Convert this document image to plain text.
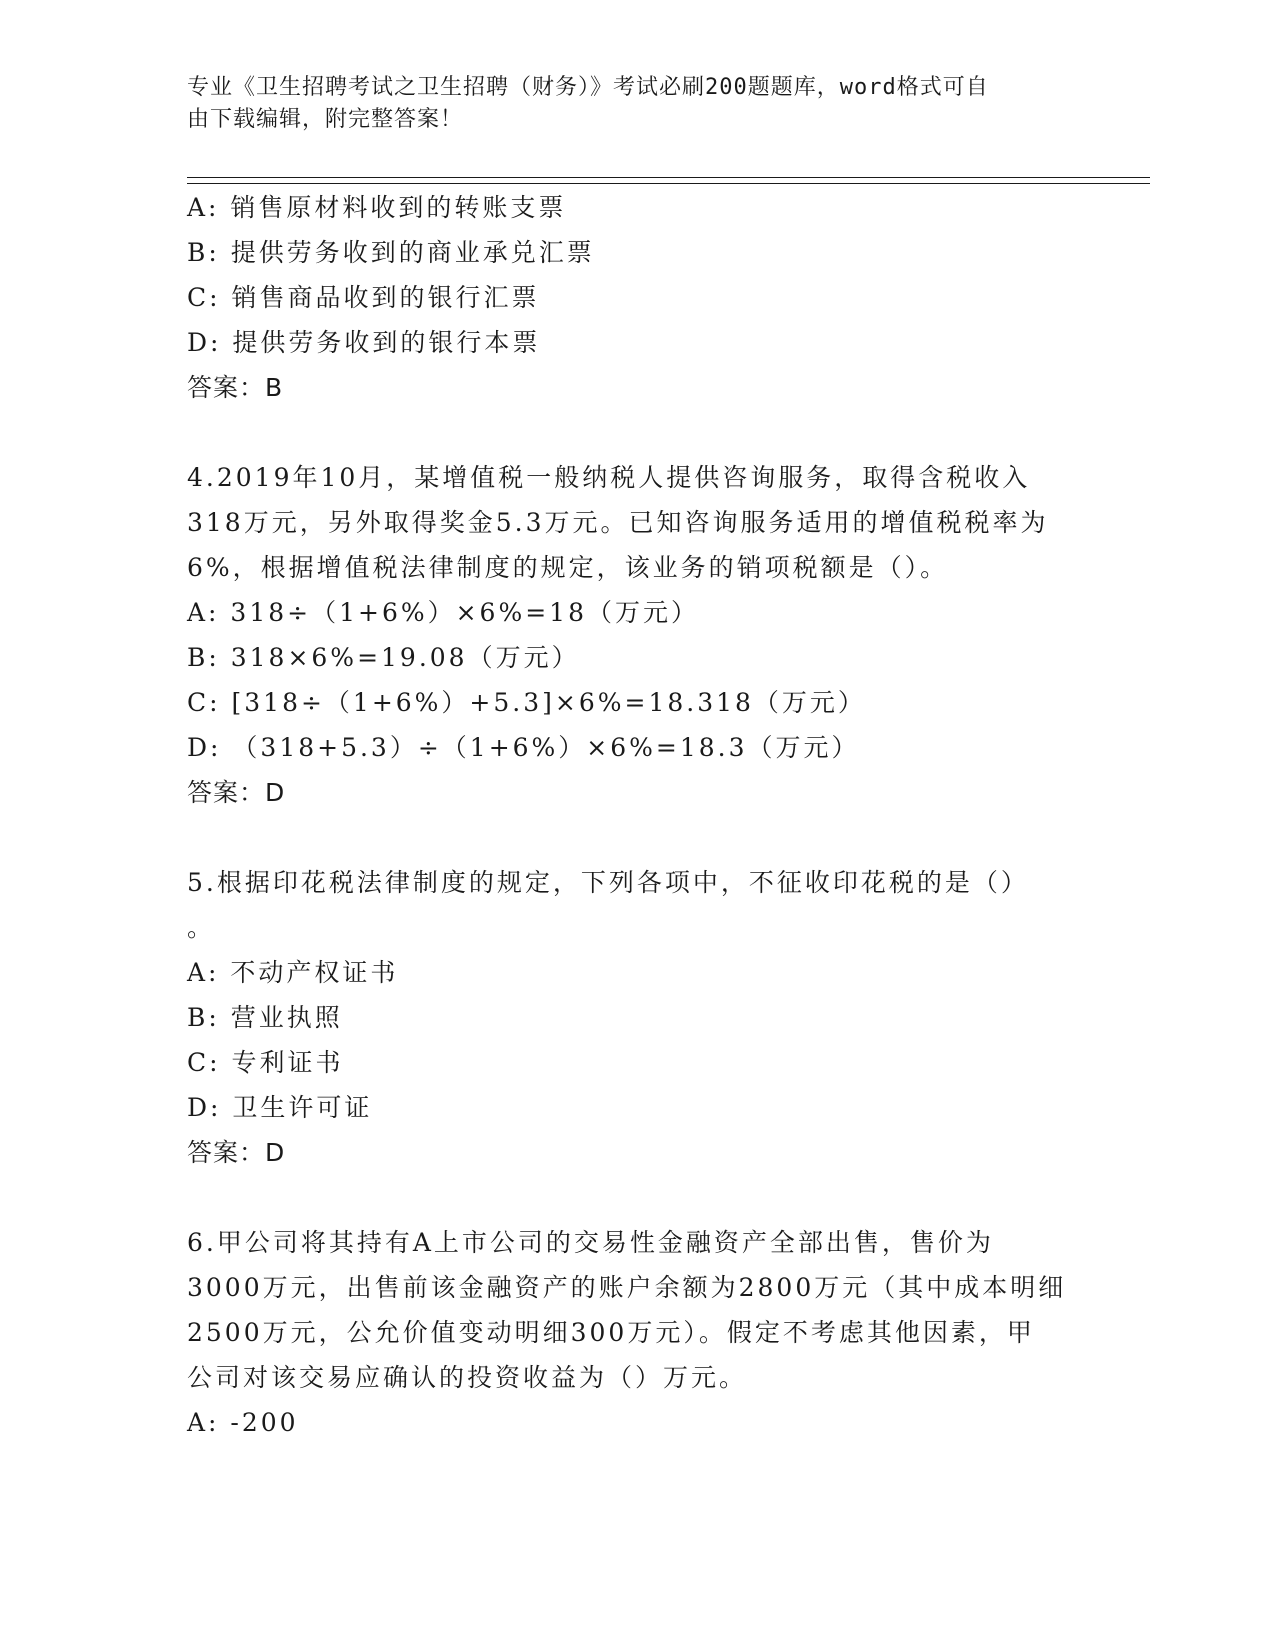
专业《卫生招聘考试之卫生招聘（财务）》考试必刷200题题库，word格式可自
由下载编辑，附完整答案！
A: 销售原材料收到的转账支票
B: 提供劳务收到的商业承兑汇票
C: 销售商品收到的银行汇票
D: 提供劳务收到的银行本票
答案：B
4.2019年10月，某增值税一般纳税人提供咨询服务，取得含税收入
318万元，另外取得奖金5.3万元。已知咨询服务适用的增值税税率为
6%，根据增值税法律制度的规定，该业务的销项税额是（）。
A: 318÷（1+6%）×6%=18（万元）
B: 318×6%=19.08（万元）
C: [318÷（1+6%）+5.3]×6%=18.318（万元）
D: （318+5.3）÷（1+6%）×6%=18.3（万元）
答案：D
5.根据印花税法律制度的规定，下列各项中，不征收印花税的是（）
。
A: 不动产权证书
B: 营业执照
C: 专利证书
D: 卫生许可证
答案：D
6.甲公司将其持有A上市公司的交易性金融资产全部出售，售价为
3000万元，出售前该金融资产的账户余额为2800万元（其中成本明细
2500万元，公允价值变动明细300万元）。假定不考虑其他因素，甲
公司对该交易应确认的投资收益为（）万元。
A: -200
